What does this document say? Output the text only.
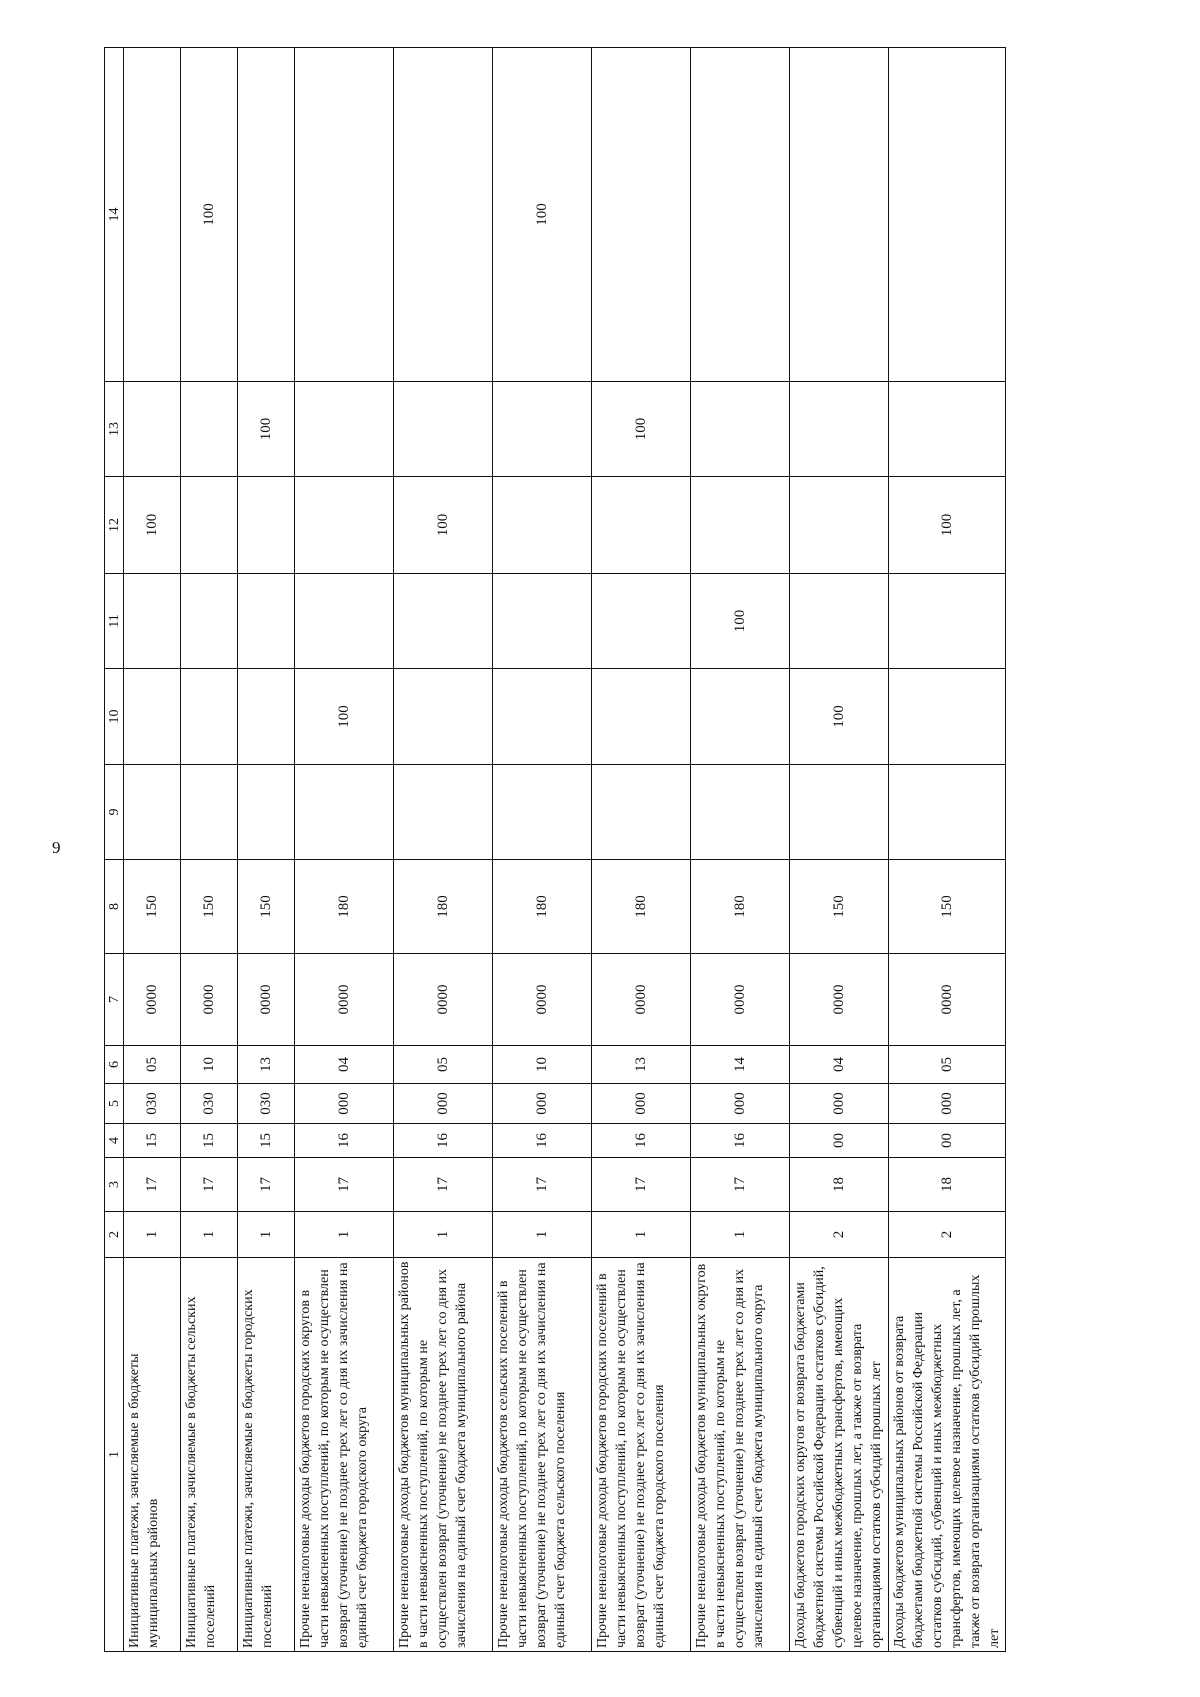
9
1	2	3	4	5	6	7	8	9	10	11	12	13	14
Инициативные платежи, зачисляемые в бюджеты муниципальных районов	1	17	15	030	05	0000	150				100		
Инициативные платежи, зачисляемые в бюджеты сельских поселений	1	17	15	030	10	0000	150						100
Инициативные платежи, зачисляемые в бюджеты городских поселений	1	17	15	030	13	0000	150					100	
Прочие неналоговые доходы бюджетов городских округов в части невыясненных поступлений, по которым не осуществлен возврат (уточнение) не позднее трех лет со дня их зачисления на единый счет бюджета городского округа	1	17	16	000	04	0000	180		100				
Прочие неналоговые доходы бюджетов муниципальных районов в части невыясненных поступлений, по которым не осуществлен возврат (уточнение) не позднее трех лет со дня их зачисления на единый счет бюджета муниципального района	1	17	16	000	05	0000	180				100		
Прочие неналоговые доходы бюджетов сельских поселений в части невыясненных поступлений, по которым не осуществлен возврат (уточнение) не позднее трех лет со дня их зачисления на единый счет бюджета сельского поселения	1	17	16	000	10	0000	180						100
Прочие неналоговые доходы бюджетов городских поселений в части невыясненных поступлений, по которым не осуществлен возврат (уточнение) не позднее трех лет со дня их зачисления на единый счет бюджета городского поселения	1	17	16	000	13	0000	180					100	
Прочие неналоговые доходы бюджетов муниципальных округов в части невыясненных поступлений, по которым не осуществлен возврат (уточнение) не позднее трех лет со дня их зачисления на единый счет бюджета муниципального округа	1	17	16	000	14	0000	180			100			
Доходы бюджетов городских округов от возврата бюджетами бюджетной системы Российской Федерации остатков субсидий, субвенций и иных межбюджетных трансфертов, имеющих целевое назначение, прошлых лет, а также от возврата организациями остатков субсидий прошлых лет	2	18	00	000	04	0000	150		100				
Доходы бюджетов муниципальных районов от возврата бюджетами бюджетной системы Российской Федерации остатков субсидий, субвенций и иных межбюджетных трансфертов, имеющих целевое назначение, прошлых лет, а также от возврата организациями остатков субсидий прошлых лет	2	18	00	000	05	0000	150				100		
